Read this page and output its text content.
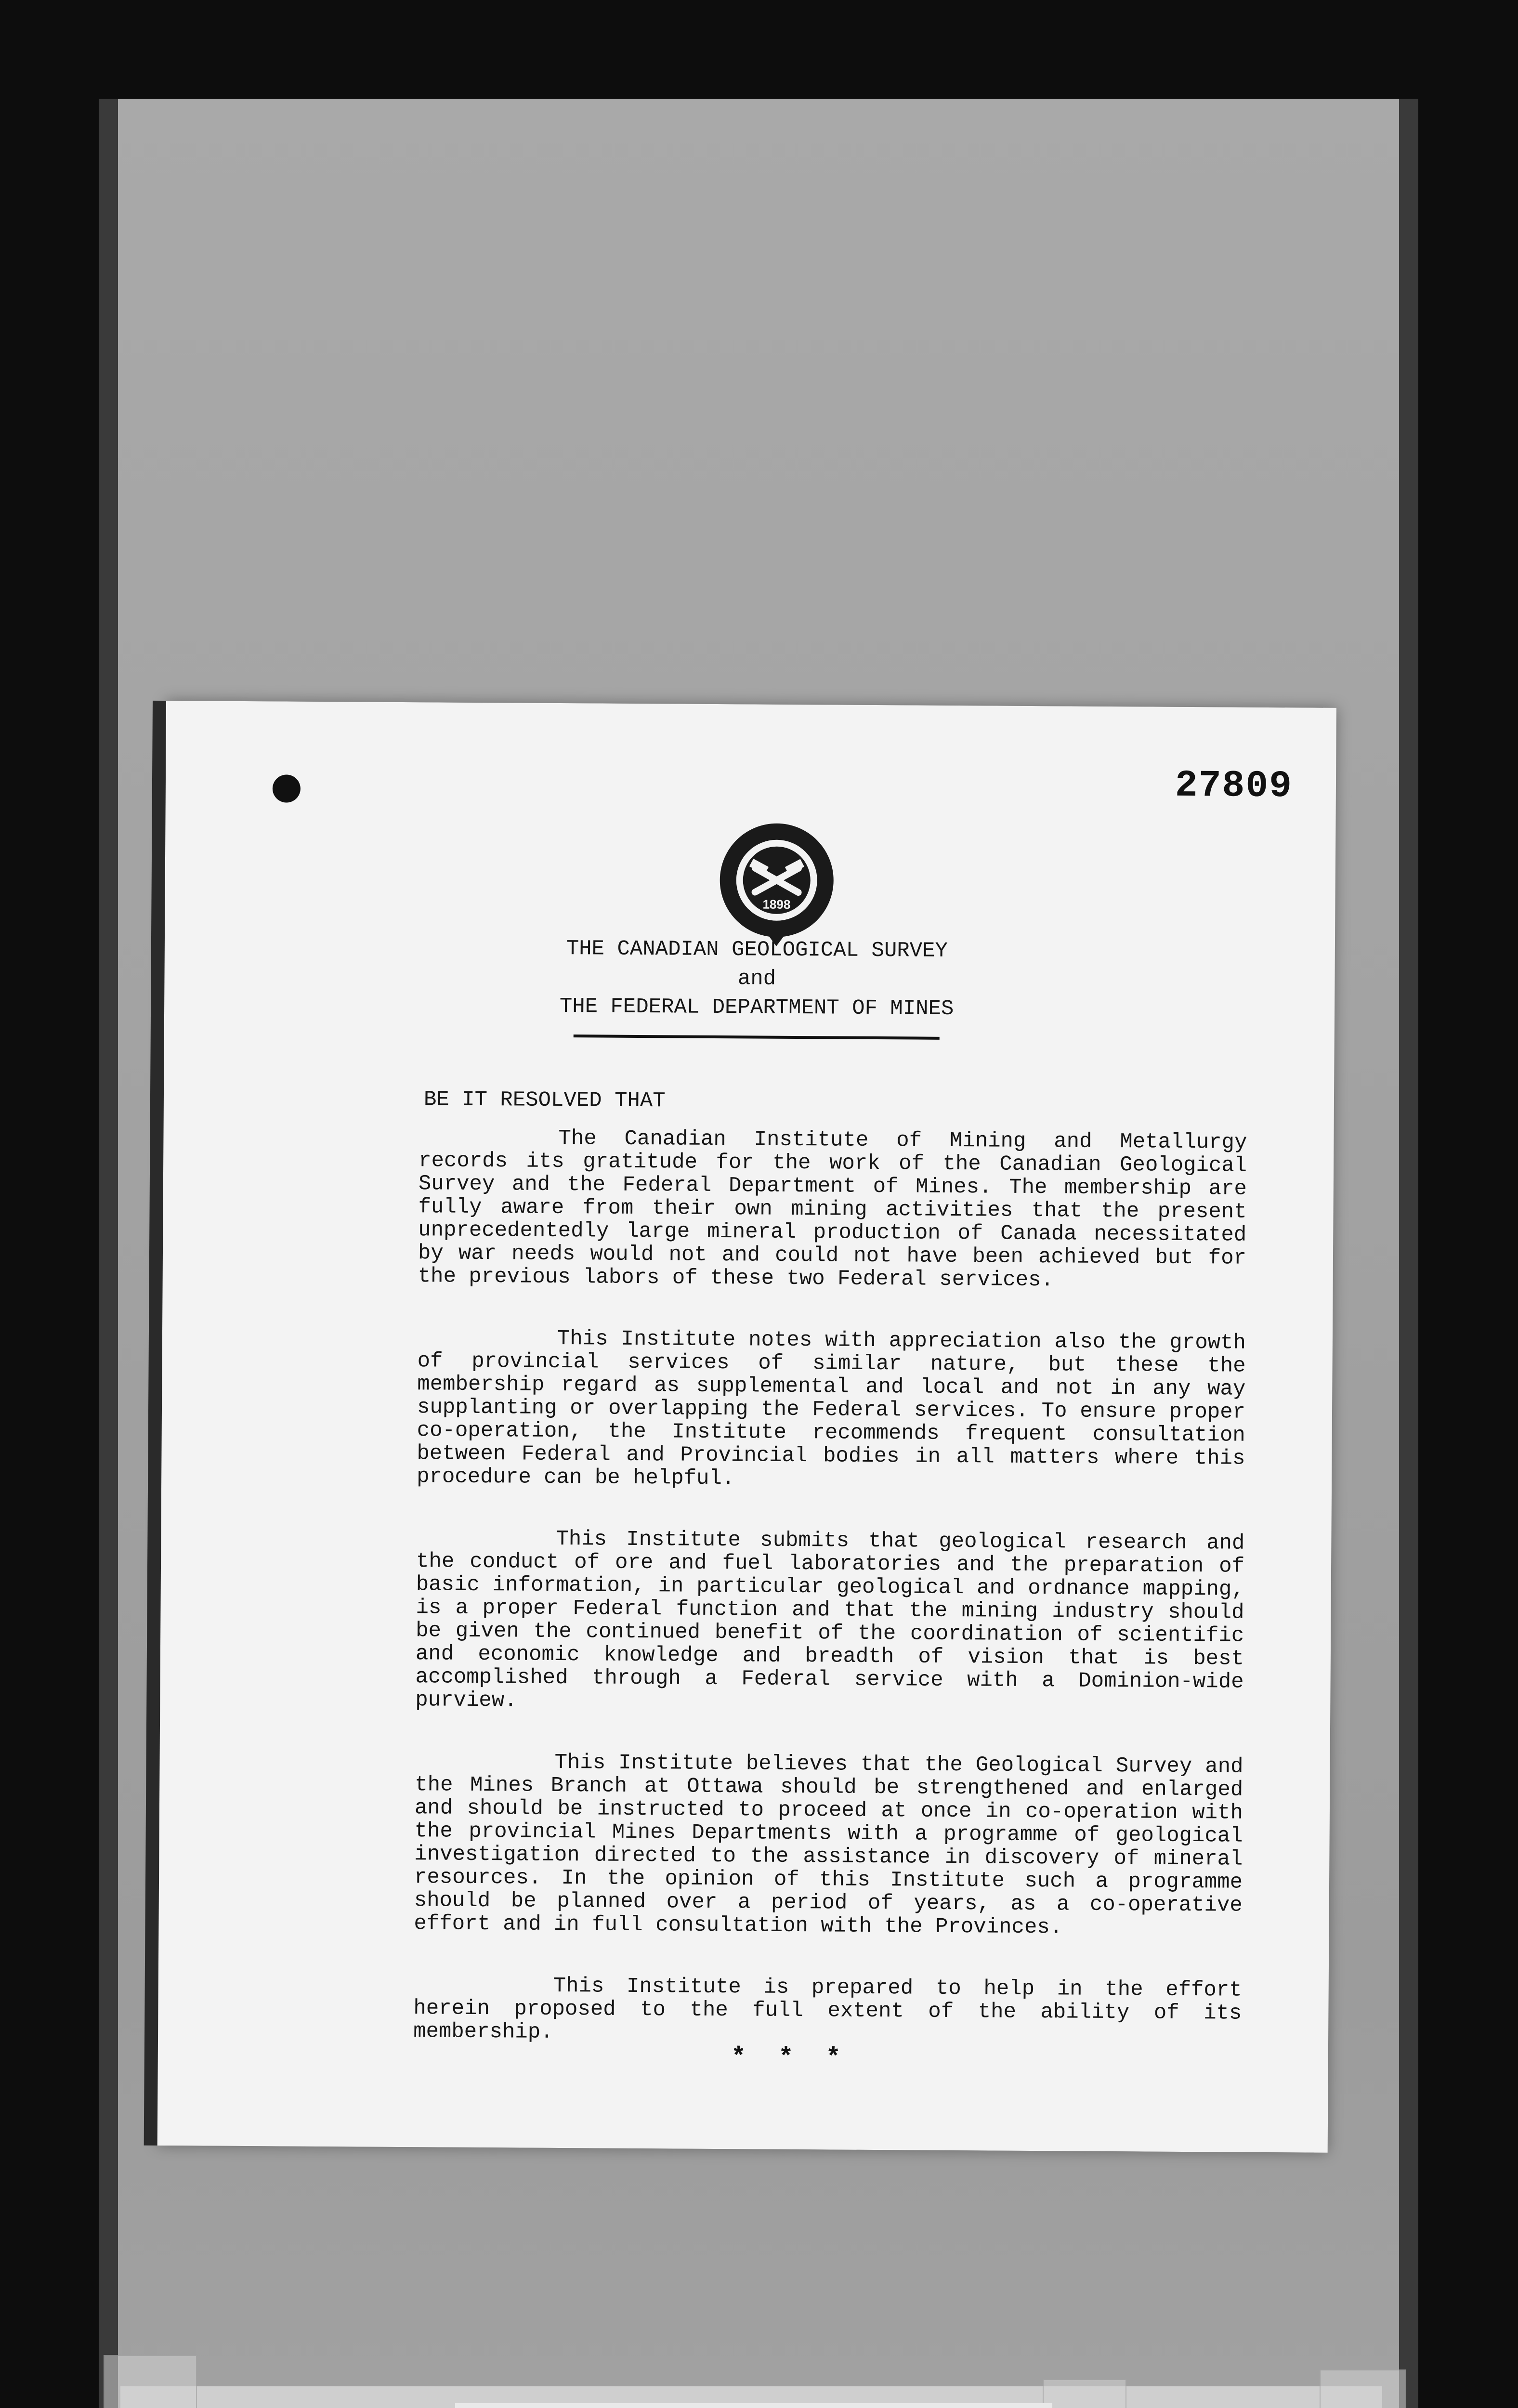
27809
1898
THE CANADIAN GEOLOGICAL SURVEY
and
THE FEDERAL DEPARTMENT OF MINES
BE IT RESOLVED THAT

The Canadian Institute of Mining and Metallurgy records its gratitude for the work of the Canadian Geological Survey and the Federal Department of Mines. The membership are fully aware from their own mining activities that the present unprecedentedly large mineral production of Canada necessitated by war needs would not and could not have been achieved but for the previous labors of these two Federal services.

This Institute notes with appreciation also the growth of provincial services of similar nature, but these the membership regard as supplemental and local and not in any way supplanting or overlapping the Federal services. To ensure proper co-operation, the Institute recommends frequent consultation between Federal and Provincial bodies in all matters where this procedure can be helpful.

This Institute submits that geological research and the conduct of ore and fuel laboratories and the preparation of basic information, in particular geological and ordnance mapping, is a proper Federal function and that the mining industry should be given the continued benefit of the coordination of scientific and economic knowledge and breadth of vision that is best accomplished through a Federal service with a Dominion-wide purview.

This Institute believes that the Geological Survey and the Mines Branch at Ottawa should be strengthened and enlarged and should be instructed to proceed at once in co-operation with the provincial Mines Departments with a programme of geological investigation directed to the assistance in discovery of mineral resources. In the opinion of this Institute such a programme should be planned over a period of years, as a co-operative effort and in full consultation with the Provinces.

This Institute is prepared to help in the effort herein proposed to the full extent of the ability of its membership.

* * *
